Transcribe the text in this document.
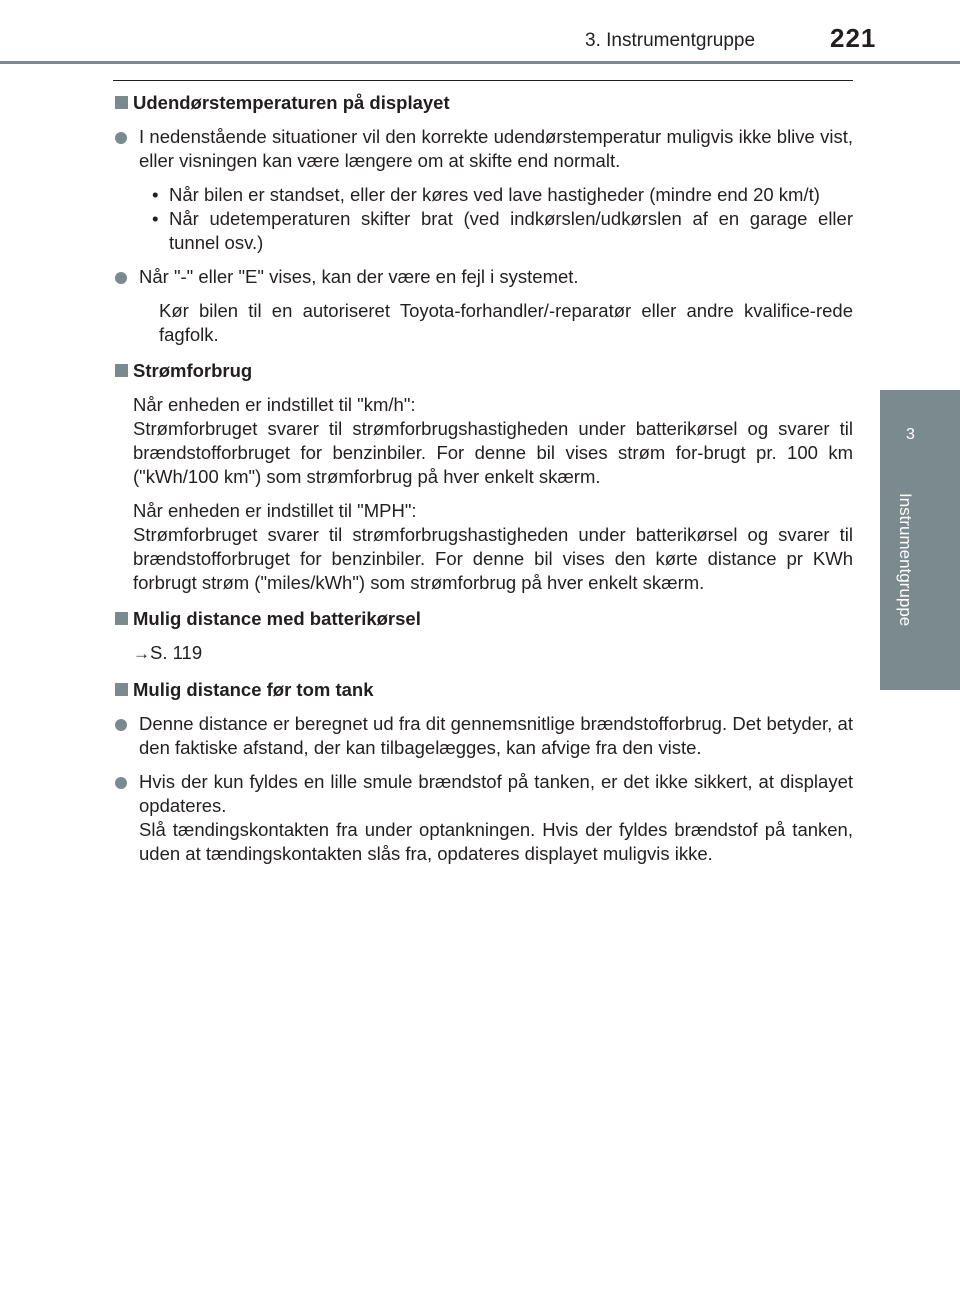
3. Instrumentgruppe	221
3
Instrumentgruppe
Udendørstemperaturen på displayet
I nedenstående situationer vil den korrekte udendørstemperatur muligvis ikke blive vist, eller visningen kan være længere om at skifte end normalt.

• Når bilen er standset, eller der køres ved lave hastigheder (mindre end 20 km/t)

• Når udetemperaturen skifter brat (ved indkørslen/udkørslen af en garage eller tunnel osv.)

Når "-" eller "E" vises, kan der være en fejl i systemet.
Kør bilen til en autoriseret Toyota-forhandler/-reparatør eller andre kvalifice-rede fagfolk.
Strømforbrug
Når enheden er indstillet til "km/h":
Strømforbruget svarer til strømforbrugshastigheden under batterikørsel og svarer til brændstofforbruget for benzinbiler. For denne bil vises strøm for-brugt pr. 100 km ("kWh/100 km") som strømforbrug på hver enkelt skærm.
Når enheden er indstillet til "MPH":
Strømforbruget svarer til strømforbrugshastigheden under batterikørsel og svarer til brændstofforbruget for benzinbiler. For denne bil vises den kørte distance pr KWh forbrugt strøm ("miles/kWh") som strømforbrug på hver enkelt skærm.
Mulig distance med batterikørsel
→S. 119
Mulig distance før tom tank
Denne distance er beregnet ud fra dit gennemsnitlige brændstofforbrug. Det betyder, at den faktiske afstand, der kan tilbagelægges, kan afvige fra den viste.
Hvis der kun fyldes en lille smule brændstof på tanken, er det ikke sikkert, at displayet opdateres.
Slå tændingskontakten fra under optankningen. Hvis der fyldes brændstof på tanken, uden at tændingskontakten slås fra, opdateres displayet muligvis ikke.
